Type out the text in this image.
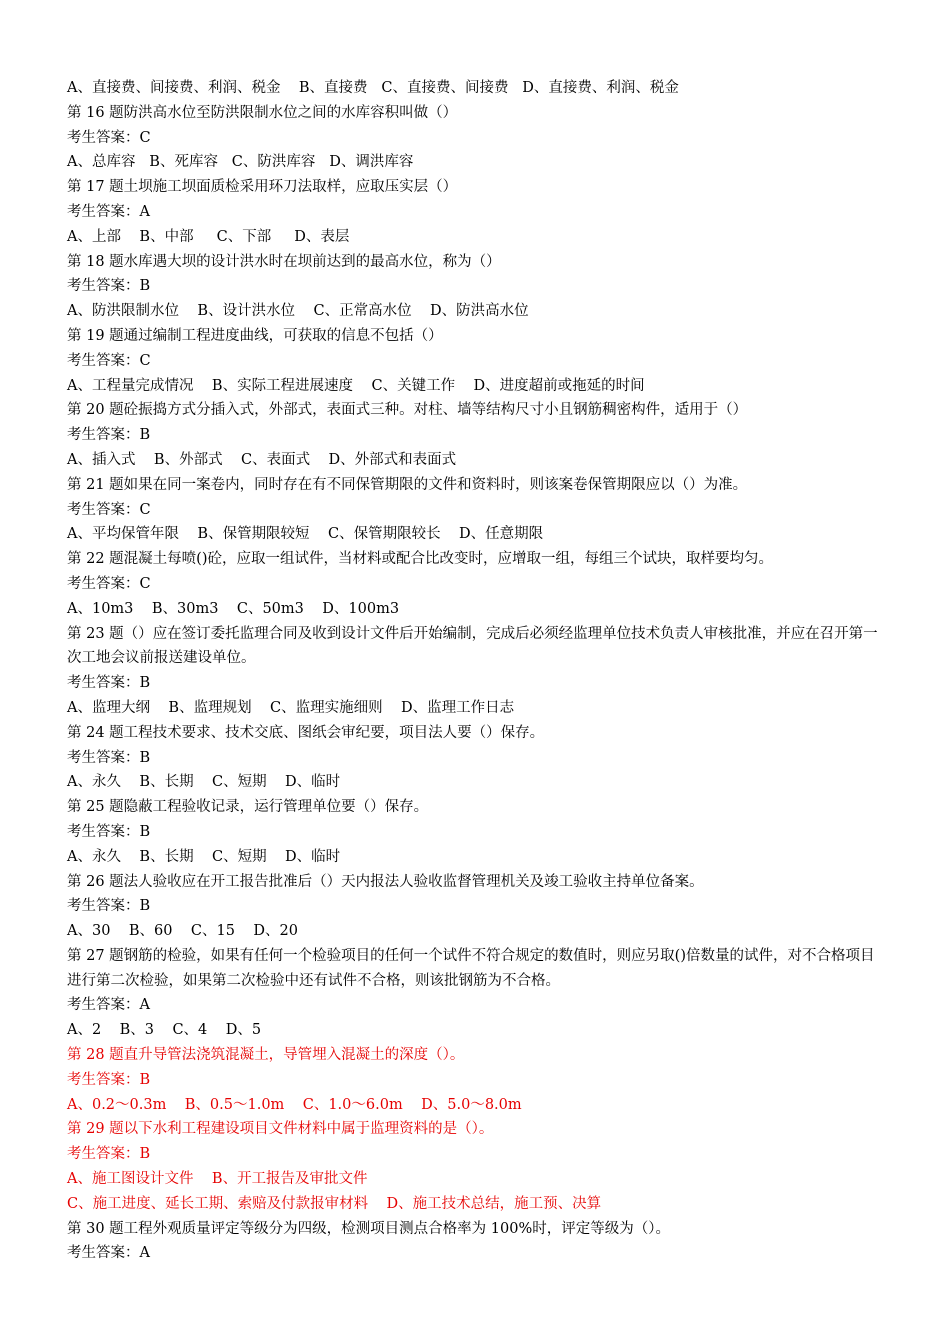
A、直接费、间接费、利润、税金    B、直接费   C、直接费、间接费   D、直接费、利润、税金
第 16 题防洪高水位至防洪限制水位之间的水库容积叫做（）
考生答案：C
A、总库容   B、死库容   C、防洪库容   D、调洪库容
第 17 题土坝施工坝面质检采用环刀法取样，应取压实层（）
考生答案：A
A、上部    B、中部     C、下部     D、表层
第 18 题水库遇大坝的设计洪水时在坝前达到的最高水位，称为（）
考生答案：B
A、防洪限制水位    B、设计洪水位    C、正常高水位    D、防洪高水位
第 19 题通过编制工程进度曲线，可获取的信息不包括（）
考生答案：C
A、工程量完成情况    B、实际工程进展速度    C、关键工作    D、进度超前或拖延的时间
第 20 题砼振捣方式分插入式，外部式，表面式三种。对柱、墙等结构尺寸小且钢筋稠密构件，适用于（）
考生答案：B
A、插入式    B、外部式    C、表面式    D、外部式和表面式
第 21 题如果在同一案卷内，同时存在有不同保管期限的文件和资料时，则该案卷保管期限应以（）为准。
考生答案：C
A、平均保管年限    B、保管期限较短    C、保管期限较长    D、任意期限
第 22 题混凝土每喷()砼，应取一组试件，当材料或配合比改变时，应增取一组，每组三个试块，取样要均匀。
考生答案：C
A、10m3    B、30m3    C、50m3    D、100m3
第 23 题（）应在签订委托监理合同及收到设计文件后开始编制，完成后必须经监理单位技术负责人审核批准，并应在召开第一次工地会议前报送建设单位。
考生答案：B
A、监理大纲    B、监理规划    C、监理实施细则    D、监理工作日志
第 24 题工程技术要求、技术交底、图纸会审纪要，项目法人要（）保存。
考生答案：B
A、永久    B、长期    C、短期    D、临时
第 25 题隐蔽工程验收记录，运行管理单位要（）保存。
考生答案：B
A、永久    B、长期    C、短期    D、临时
第 26 题法人验收应在开工报告批准后（）天内报法人验收监督管理机关及竣工验收主持单位备案。
考生答案：B
A、30    B、60    C、15    D、20
第 27 题钢筋的检验，如果有任何一个检验项目的任何一个试件不符合规定的数值时，则应另取()倍数量的试件，对不合格项目进行第二次检验，如果第二次检验中还有试件不合格，则该批钢筋为不合格。
考生答案：A
A、2    B、3    C、4    D、5
第 28 题直升导管法浇筑混凝土，导管埋入混凝土的深度（）。
考生答案：B
A、0.2～0.3m    B、0.5～1.0m    C、1.0～6.0m    D、5.0～8.0m
第 29 题以下水利工程建设项目文件材料中属于监理资料的是（）。
考生答案：B
A、施工图设计文件    B、开工报告及审批文件
C、施工进度、延长工期、索赔及付款报审材料    D、施工技术总结，施工预、决算
第 30 题工程外观质量评定等级分为四级，检测项目测点合格率为 100%时，评定等级为（）。
考生答案：A
